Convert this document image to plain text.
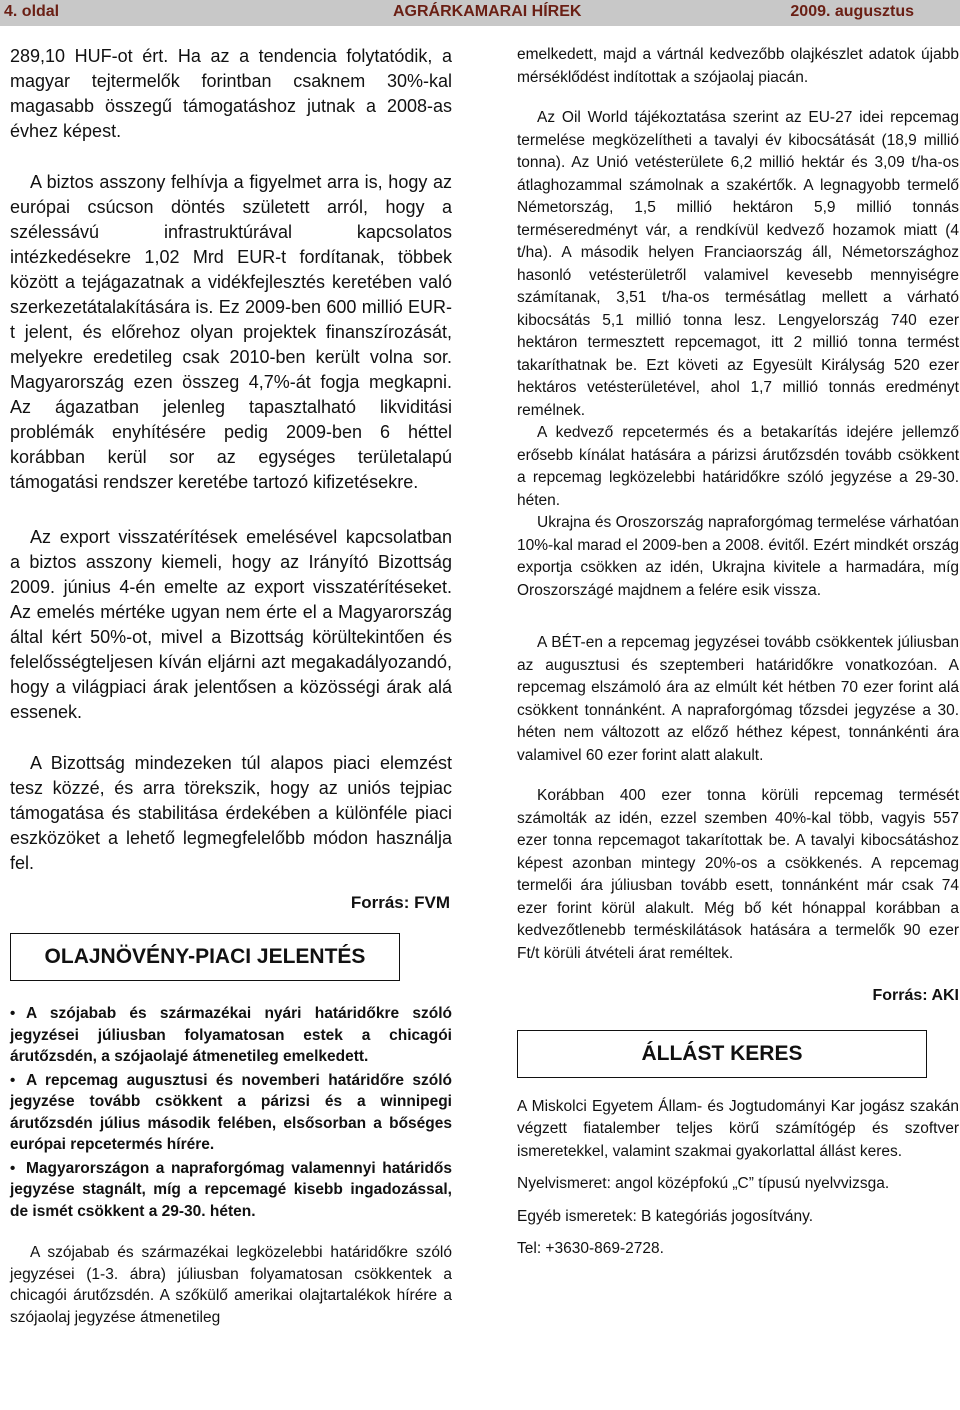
4. oldal	AGRÁRKAMARAI HÍREK	2009. augusztus

289,10 HUF-ot ért. Ha az a tendencia folytatódik, a magyar tejtermelők forintban csaknem 30%-kal magasabb összegű támogatáshoz jutnak a 2008-as évhez képest.

A biztos asszony felhívja a figyelmet arra is, hogy az európai csúcson döntés született arról, hogy a szélessávú infrastruktúrával kapcsolatos intézkedésekre 1,02 Mrd EUR-t fordítanak, többek között a tejágazatnak a vidékfejlesztés keretében való szerkezetátalakítására is. Ez 2009-ben 600 millió EUR-t jelent, és előrehoz olyan projektek finanszírozását, melyekre eredetileg csak 2010-ben került volna sor. Magyarország ezen összeg 4,7%-át fogja megkapni. Az ágazatban jelenleg tapasztalható likviditási problémák enyhítésére pedig 2009-ben 6 héttel korábban kerül sor az egységes területalapú támogatási rendszer keretébe tartozó kifizetésekre.

Az export visszatérítések emelésével kapcsolatban a biztos asszony kiemeli, hogy az Irányító Bizottság 2009. június 4-én emelte az export visszatérítéseket. Az emelés mértéke ugyan nem érte el a Magyarország által kért 50%-ot, mivel a Bizottság körültekintően és felelősségteljesen kíván eljárni azt megakadályozandó, hogy a világpiaci árak jelentősen a közösségi árak alá essenek.

A Bizottság mindezeken túl alapos piaci elemzést tesz közzé, és arra törekszik, hogy az uniós tejpiac támogatása és stabilitása érdekében a különféle piaci eszközöket a lehető legmegfelelőbb módon használja fel.

Forrás: FVM

OLAJNÖVÉNY-PIACI JELENTÉS
• A szójabab és származékai nyári határidőkre szóló jegyzései júliusban folyamatosan estek a chicagói árutőzsdén, a szójaolajé átmenetileg emelkedett.
• A repcemag augusztusi és novemberi határidőre szóló jegyzése tovább csökkent a párizsi és a winnipegi árutőzsdén július második felében, elsősorban a bőséges európai repcetermés hírére.
• Magyarországon a napraforgómag valamennyi határidős jegyzése stagnált, míg a repcemagé kisebb ingadozással, de ismét csökkent a 29-30. héten.

A szójabab és származékai legközelebbi határidőkre szóló jegyzései (1-3. ábra) júliusban folyamatosan csökkentek a chicagói árutőzsdén. A szőkülő amerikai olajtartalékok hírére a szójaolaj jegyzése átmenetileg

emelkedett, majd a vártnál kedvezőbb olajkészlet adatok újabb mérséklődést indítottak a szójaolaj piacán.

Az Oil World tájékoztatása szerint az EU-27 idei repcemag termelése megközelítheti a tavalyi év kibocsátását (18,9 millió tonna). Az Unió vetésterülete 6,2 millió hektár és 3,09 t/ha-os átlaghozammal számolnak a szakértők. A legnagyobb termelő Németország, 1,5 millió hektáron 5,9 millió tonnás terméseredményt vár, a rendkívül kedvező hozamok miatt (4 t/ha). A második helyen Franciaország áll, Németországhoz hasonló vetésterületről valamivel kevesebb mennyiségre számítanak, 3,51 t/ha-os termésátlag mellett a várható kibocsátás 5,1 millió tonna lesz. Lengyelország 740 ezer hektáron termesztett repcemagot, itt 2 millió tonna termést takaríthatnak be. Ezt követi az Egyesült Királyság 520 ezer hektáros vetésterületével, ahol 1,7 millió tonnás eredményt remélnek.

A kedvező repcetermés és a betakarítás idejére jellemző erősebb kínálat hatására a párizsi árutőzsdén tovább csökkent a repcemag legközelebbi határidőkre szóló jegyzése a 29-30. héten.

Ukrajna és Oroszország napraforgómag termelése várhatóan 10%-kal marad el 2009-ben a 2008. évitől. Ezért mindkét ország exportja csökken az idén, Ukrajna kivitele a harmadára, míg Oroszországé majdnem a felére esik vissza.

A BÉT-en a repcemag jegyzései tovább csökkentek júliusban az augusztusi és szeptemberi határidőkre vonatkozóan. A repcemag elszámoló ára az elmúlt két hétben 70 ezer forint alá csökkent tonnánként. A napraforgómag tőzsdei jegyzése a 30. héten nem változott az előző héthez képest, tonnánkénti ára valamivel 60 ezer forint alatt alakult.

Korábban 400 ezer tonna körüli repcemag termését számolták az idén, ezzel szemben 40%-kal több, vagyis 557 ezer tonna repcemagot takarítottak be. A tavalyi kibocsátáshoz képest azonban mintegy 20%-os a csökkenés. A repcemag termelői ára júliusban tovább esett, tonnánként már csak 74 ezer forint körül alakult. Még bő két hónappal korábban a kedvezőtlenebb terméskilátások hatására a termelők 90 ezer Ft/t körüli átvételi árat reméltek.

Forrás: AKI

ÁLLÁST KERES

A Miskolci Egyetem Állam- és Jogtudományi Kar jogász szakán végzett fiatalember teljes körű számítógép és szoftver ismeretekkel, valamint szakmai gyakorlattal állást keres.

Nyelvismeret: angol középfokú „C” típusú nyelvvizsga.

Egyéb ismeretek: B kategóriás jogosítvány.

Tel: +3630-869-2728.
